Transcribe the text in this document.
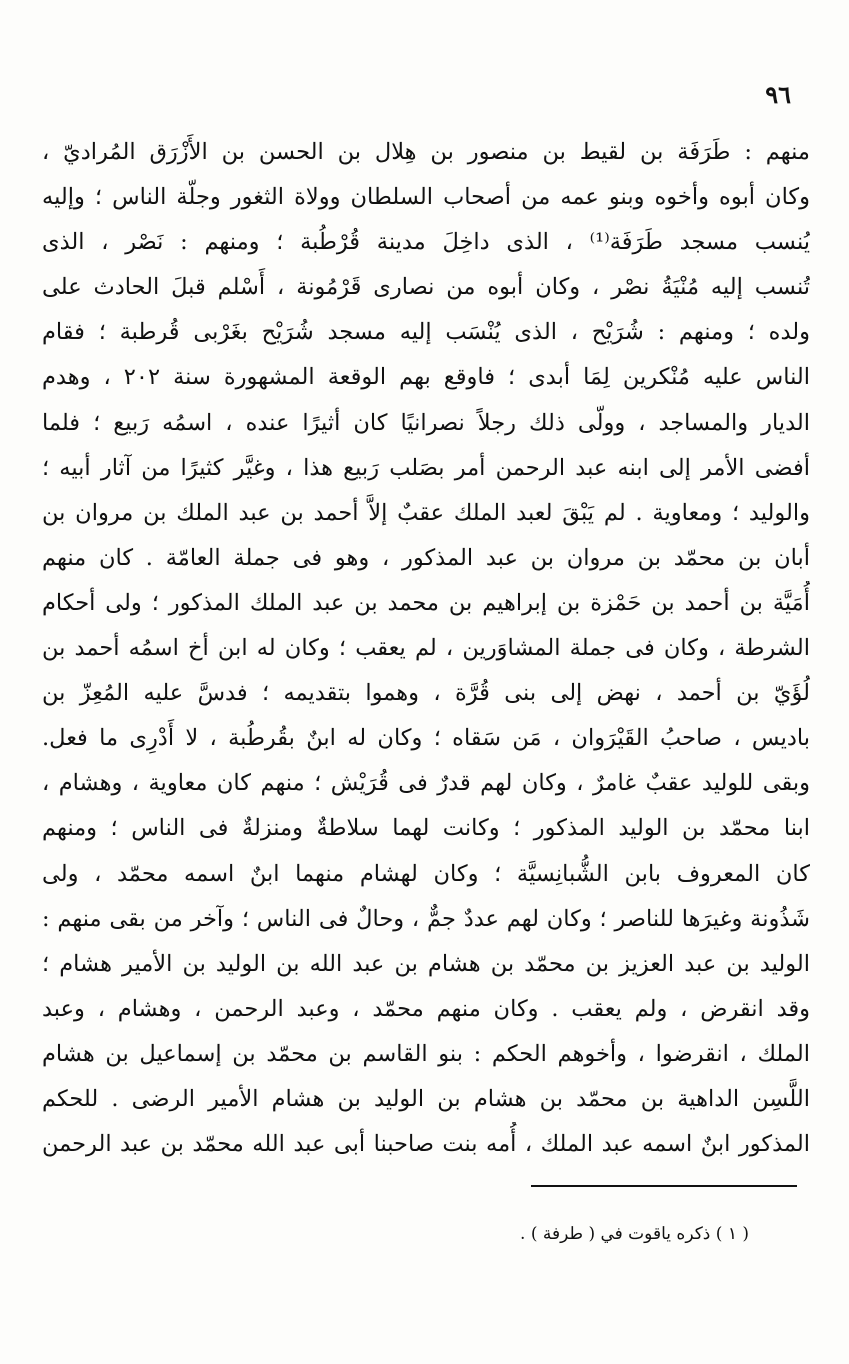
٩٦
منهم : طَرَفَة بن لقيط بن منصور بن هِلال بن الحسن بن الأَزْرَق المُراديّ ،
وكان أبوه وأخوه وبنو عمه من أصحاب السلطان وولاة الثغور وجلّة الناس ؛ وإليه
يُنسب مسجد طَرَفَة⁽¹⁾ ، الذى داخِلَ مدينة قُرْطُبة ؛ ومنهم : نَصْر ، الذى
تُنسب إليه مُنْيَةُ نصْر ، وكان أبوه من نصارى قَرْمُونة ، أَسْلم قبلَ الحادث على
ولده ؛ ومنهم : شُرَيْح ، الذى يُنْسَب إليه مسجد شُرَيْح بغَرْبى قُرطبة ؛ فقام
الناس عليه مُنْكرين لِمَا أبدى ؛ فاوقع بهم الوقعة المشهورة سنة ٢٠٢ ، وهدم
الديار والمساجد ، وولّى ذلك رجلاً نصرانيًا كان أثيرًا عنده ، اسمُه رَبيع ؛ فلما
أفضى الأمر إلى ابنه عبد الرحمن أمر بصَلب رَبيع هذا ، وغيَّر كثيرًا من آثار أبيه ؛
والوليد ؛ ومعاوية . لم يَبْقَ لعبد الملك عقبٌ إلاَّ أحمد بن عبد الملك بن مروان بن
أبان بن محمّد بن مروان بن عبد المذكور ، وهو فى جملة العامّة . كان منهم
أُمَيَّة بن أحمد بن حَمْزة بن إبراهيم بن محمد بن عبد الملك المذكور ؛ ولى أحكام
الشرطة ، وكان فى جملة المشاوَرين ، لم يعقب ؛ وكان له ابن أخ اسمُه أحمد بن
لُؤَيّ بن أحمد ، نهض إلى بنى قُرَّة ، وهموا بتقديمه ؛ فدسَّ عليه المُعِزّ بن
باديس ، صاحبُ القَيْرَوان ، مَن سَقاه ؛ وكان له ابنٌ بقُرطُبة ، لا أَدْرِى ما فعل.
وبقى للوليد عقبٌ غامرٌ ، وكان لهم قدرٌ فى قُرَيْش ؛ منهم كان معاوية ، وهشام ،
ابنا محمّد بن الوليد المذكور ؛ وكانت لهما سلاطةٌ ومنزلةٌ فى الناس ؛ ومنهم
كان المعروف بابن الشُّبانِسيَّة ؛ وكان لهشام منهما ابنٌ اسمه محمّد ، ولى
شَذُونة وغيرَها للناصر ؛ وكان لهم عددٌ جمٌّ ، وحالٌ فى الناس ؛ وآخر من بقى منهم :
الوليد بن عبد العزيز بن محمّد بن هشام بن عبد الله بن الوليد بن الأمير هشام ؛
وقد انقرض ، ولم يعقب . وكان منهم محمّد ، وعبد الرحمن ، وهشام ، وعبد
الملك ، انقرضوا ، وأخوهم الحكم : بنو القاسم بن محمّد بن إسماعيل بن هشام
اللَّسِن الداهية بن محمّد بن هشام بن الوليد بن هشام الأمير الرضى . للحكم
المذكور ابنٌ اسمه عبد الملك ، أُمه بنت صاحبنا أبى عبد الله محمّد بن عبد الرحمن
( ١ ) ذكره ياقوت في ( طرفة ) .
